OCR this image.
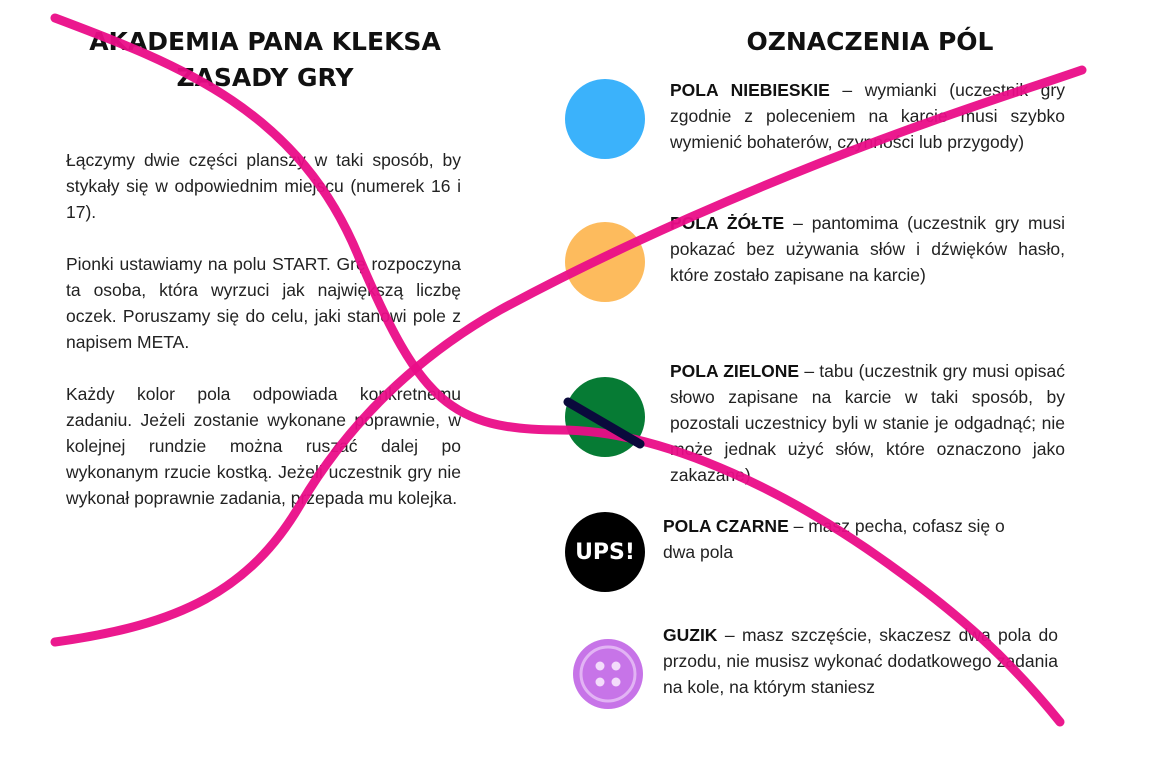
AKADEMIA PANA KLEKSA
ZASADY GRY

Łączymy dwie części planszy w taki sposób, by stykały się w odpowiednim miejscu (numerek 16 i 17).

Pionki ustawiamy na polu START. Grę rozpoczyna ta osoba, która wyrzuci jak największą liczbę oczek. Poruszamy się do celu, jaki stanowi pole z napisem META.

Każdy kolor pola odpowiada konkretnemu zadaniu. Jeżeli zostanie wykonane poprawnie, w kolejnej rundzie można ruszać dalej po wykonanym rzucie kostką. Jeżeli uczestnik gry nie wykonał poprawnie zadania, przepada mu kolejka.

OZNACZENIA PÓL

POLA NIEBIESKIE – wymianki (uczestnik gry zgodnie z poleceniem na karcie musi szybko wymienić bohaterów, czynności lub przygody)

POLA ŻÓŁTE – pantomima (uczestnik gry musi pokazać bez używania słów i dźwięków hasło, które zostało zapisane na karcie)

POLA ZIELONE – tabu (uczestnik gry musi opisać słowo zapisane na karcie w taki sposób, by pozostali uczestnicy byli w stanie je odgadnąć; nie może jednak użyć słów, które oznaczono jako zakazane)

UPS!

POLA CZARNE – masz pecha, cofasz się o dwa pola

GUZIK – masz szczęście, skaczesz dwa pola do przodu, nie musisz wykonać dodatkowego zadania na kole, na którym staniesz
